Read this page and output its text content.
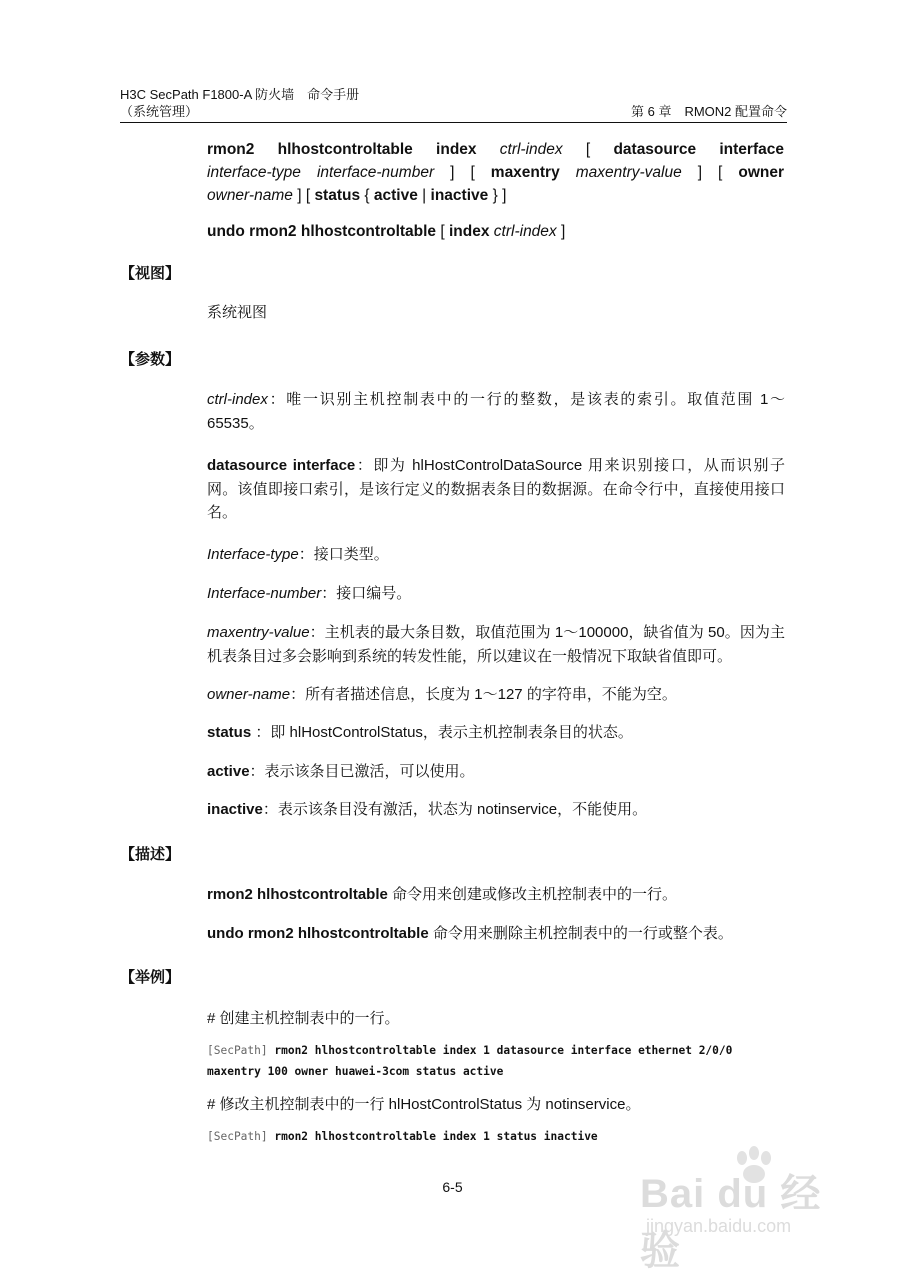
H3C SecPath F1800-A 防火墙　命令手册
（系统管理）	第 6 章　RMON2 配置命令
rmon2 hlhostcontroltable index ctrl-index [ datasource interface
interface-type interface-number ] [ maxentry maxentry-value ] [ owner
owner-name ] [ status { active | inactive } ]
undo rmon2 hlhostcontroltable [ index ctrl-index ]
【视图】
系统视图
【参数】
ctrl-index：唯一识别主机控制表中的一行的整数，是该表的索引。取值范围 1～65535。
datasource interface：即为 hlHostControlDataSource 用来识别接口，从而识别子网。该值即接口索引，是该行定义的数据表条目的数据源。在命令行中，直接使用接口名。
Interface-type：接口类型。
Interface-number：接口编号。
maxentry-value：主机表的最大条目数，取值范围为 1～100000，缺省值为 50。因为主机表条目过多会影响到系统的转发性能，所以建议在一般情况下取缺省值即可。
owner-name：所有者描述信息，长度为 1～127 的字符串，不能为空。
status ：即 hlHostControlStatus，表示主机控制表条目的状态。
active：表示该条目已激活，可以使用。
inactive：表示该条目没有激活，状态为 notinservice，不能使用。
【描述】
rmon2 hlhostcontroltable 命令用来创建或修改主机控制表中的一行。
undo rmon2 hlhostcontroltable 命令用来删除主机控制表中的一行或整个表。
【举例】
# 创建主机控制表中的一行。
[SecPath] rmon2 hlhostcontroltable index 1 datasource interface ethernet 2/0/0
maxentry 100 owner huawei-3com status active
# 修改主机控制表中的一行 hlHostControlStatus 为 notinservice。
[SecPath] rmon2 hlhostcontroltable index 1 status inactive
6-5	Bai du 经验
jingyan.baidu.com
